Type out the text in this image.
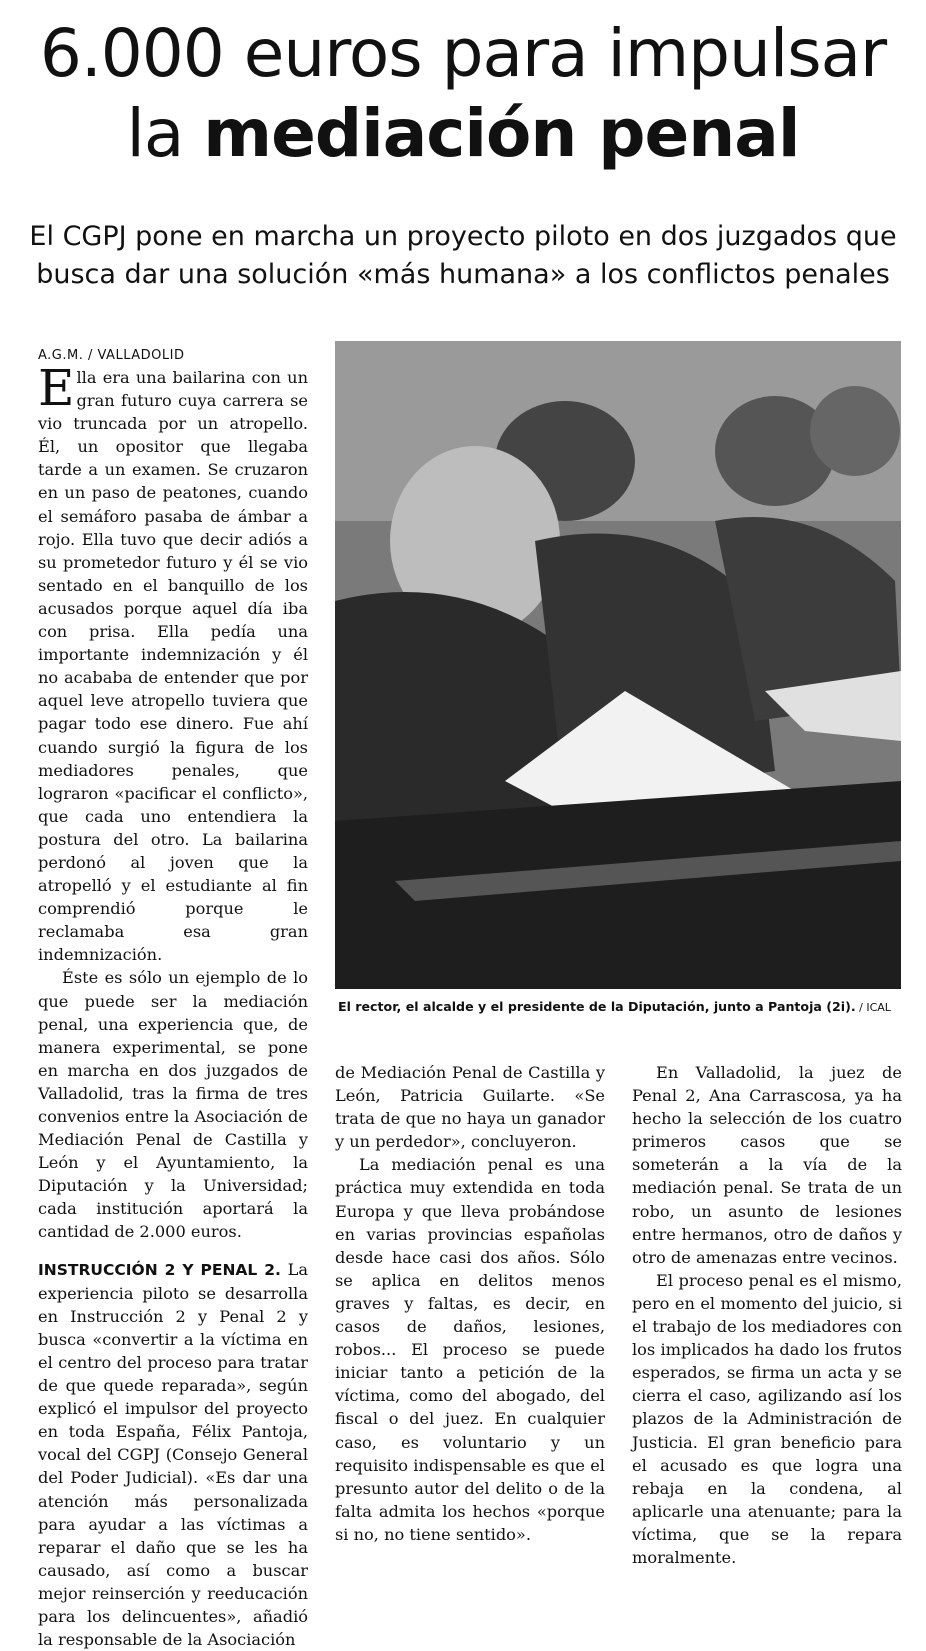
6.000 euros para impulsar
la mediación penal
El CGPJ pone en marcha un proyecto piloto en dos juzgados que busca dar una solución «más humana» a los conflictos penales
A.G.M. / VALLADOLID

Ella era una bailarina con un gran futuro cuya carrera se vio truncada por un atropello. Él, un opositor que llegaba tarde a un examen. Se cruzaron en un paso de peatones, cuando el semáforo pasaba de ámbar a rojo. Ella tuvo que decir adiós a su prometedor futuro y él se vio sentado en el banquillo de los acusados porque aquel día iba con prisa. Ella pedía una importante indemnización y él no acababa de entender que por aquel leve atropello tuviera que pagar todo ese dinero. Fue ahí cuando surgió la figura de los mediadores penales, que lograron «pacificar el conflicto», que cada uno entendiera la postura del otro. La bailarina perdonó al joven que la atropelló y el estudiante al fin comprendió porque le reclamaba esa gran indemnización.

Éste es sólo un ejemplo de lo que puede ser la mediación penal, una experiencia que, de manera experimental, se pone en marcha en dos juzgados de Valladolid, tras la firma de tres convenios entre la Asociación de Mediación Penal de Castilla y León y el Ayuntamiento, la Diputación y la Universidad; cada institución aportará la cantidad de 2.000 euros.

INSTRUCCIÓN 2 Y PENAL 2. La experiencia piloto se desarrolla en Instrucción 2 y Penal 2 y busca «convertir a la víctima en el centro del proceso para tratar de que quede reparada», según explicó el impulsor del proyecto en toda España, Félix Pantoja, vocal del CGPJ (Consejo General del Poder Judicial). «Es dar una atención más personalizada para ayudar a las víctimas a reparar el daño que se les ha causado, así como a buscar mejor reinserción y reeducación para los delincuentes», añadió la responsable de la Asociación

El rector, el alcalde y el presidente de la Diputación, junto a Pantoja (2i). / ICAL

de Mediación Penal de Castilla y León, Patricia Guilarte. «Se trata de que no haya un ganador y un perdedor», concluyeron.

La mediación penal es una práctica muy extendida en toda Europa y que lleva probándose en varias provincias españolas desde hace casi dos años. Sólo se aplica en delitos menos graves y faltas, es decir, en casos de daños, lesiones, robos... El proceso se puede iniciar tanto a petición de la víctima, como del abogado, del fiscal o del juez. En cualquier caso, es voluntario y un requisito indispensable es que el presunto autor del delito o de la falta admita los hechos «porque si no, no tiene sentido».

En Valladolid, la juez de Penal 2, Ana Carrascosa, ya ha hecho la selección de los cuatro primeros casos que se someterán a la vía de la mediación penal. Se trata de un robo, un asunto de lesiones entre hermanos, otro de daños y otro de amenazas entre vecinos.

El proceso penal es el mismo, pero en el momento del juicio, si el trabajo de los mediadores con los implicados ha dado los frutos esperados, se firma un acta y se cierra el caso, agilizando así los plazos de la Administración de Justicia. El gran beneficio para el acusado es que logra una rebaja en la condena, al aplicarle una atenuante; para la víctima, que se la repara moralmente.
